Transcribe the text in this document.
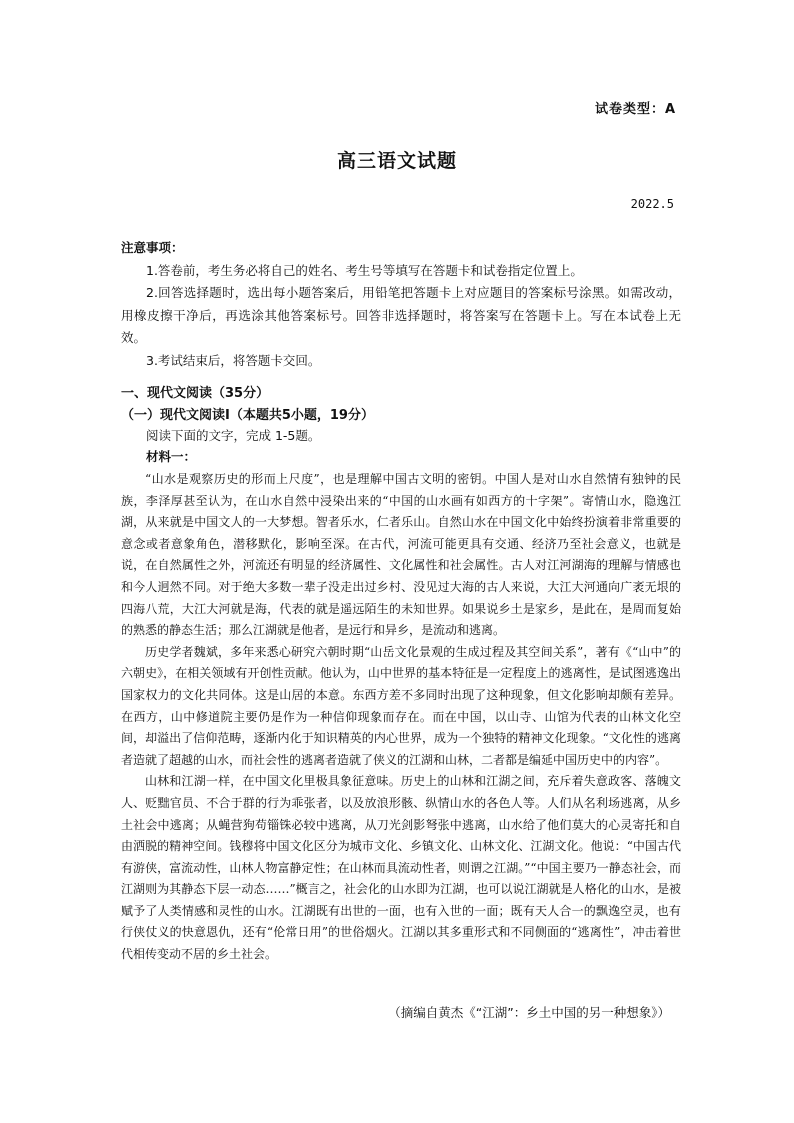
试卷类型：A
高三语文试题
2022.5
注意事项：

1.答卷前，考生务必将自己的姓名、考生号等填写在答题卡和试卷指定位置上。

2.回答选择题时，选出每小题答案后，用铅笔把答题卡上对应题目的答案标号涂黑。如需改动，用橡皮擦干净后，再选涂其他答案标号。回答非选择题时，将答案写在答题卡上。写在本试卷上无效。

3.考试结束后，将答题卡交回。

一、现代文阅读（35分）
（一）现代文阅读Ⅰ（本题共5小题，19分）
阅读下面的文字，完成 1-5题。
材料一：

“山水是观察历史的形而上尺度”，也是理解中国古文明的密钥。中国人是对山水自然情有独钟的民族，李泽厚甚至认为，在山水自然中浸染出来的“中国的山水画有如西方的十字架”。寄情山水，隐逸江湖，从来就是中国文人的一大梦想。智者乐水，仁者乐山。自然山水在中国文化中始终扮演着非常重要的意念或者意象角色，潜移默化，影响至深。在古代，河流可能更具有交通、经济乃至社会意义，也就是说，在自然属性之外，河流还有明显的经济属性、文化属性和社会属性。古人对江河湖海的理解与情感也和今人迥然不同。对于绝大多数一辈子没走出过乡村、没见过大海的古人来说，大江大河通向广袤无垠的四海八荒，大江大河就是海，代表的就是遥远陌生的未知世界。如果说乡土是家乡，是此在，是周而复始的熟悉的静态生活；那么江湖就是他者，是远行和异乡，是流动和逃离。

历史学者魏斌，多年来悉心研究六朝时期“山岳文化景观的生成过程及其空间关系”，著有《“山中”的六朝史》，在相关领域有开创性贡献。他认为，山中世界的基本特征是一定程度上的逃离性，是试图逃逸出国家权力的文化共同体。这是山居的本意。东西方差不多同时出现了这种现象，但文化影响却颇有差异。在西方，山中修道院主要仍是作为一种信仰现象而存在。而在中国，以山寺、山馆为代表的山林文化空间，却溢出了信仰范畴，逐渐内化于知识精英的内心世界，成为一个独特的精神文化现象。“文化性的逃离者造就了超越的山水，而社会性的逃离者造就了侠义的江湖和山林，二者都是编延中国历史中的内容”。

山林和江湖一样，在中国文化里极具象征意味。历史上的山林和江湖之间，充斥着失意政客、落魄文人、贬黜官员、不合于群的行为乖张者，以及放浪形骸、纵情山水的各色人等。人们从名利场逃离，从乡土社会中逃离；从蝇营狗苟锱铢必较中逃离，从刀光剑影弩张中逃离，山水给了他们莫大的心灵寄托和自由洒脱的精神空间。钱穆将中国文化区分为城市文化、乡镇文化、山林文化、江湖文化。他说：“中国古代有游侠，富流动性，山林人物富静定性；在山林而具流动性者，则谓之江湖。”“中国主要乃一静态社会，而江湖则为其静态下层一动态……”概言之，社会化的山水即为江湖，也可以说江湖就是人格化的山水，是被赋予了人类情感和灵性的山水。江湖既有出世的一面，也有入世的一面；既有天人合一的飘逸空灵，也有行侠仗义的快意恩仇，还有“伦常日用”的世俗烟火。江湖以其多重形式和不同侧面的“逃离性”，冲击着世代相传变动不居的乡土社会。

（摘编自黄杰《“江湖”：乡土中国的另一种想象》）
